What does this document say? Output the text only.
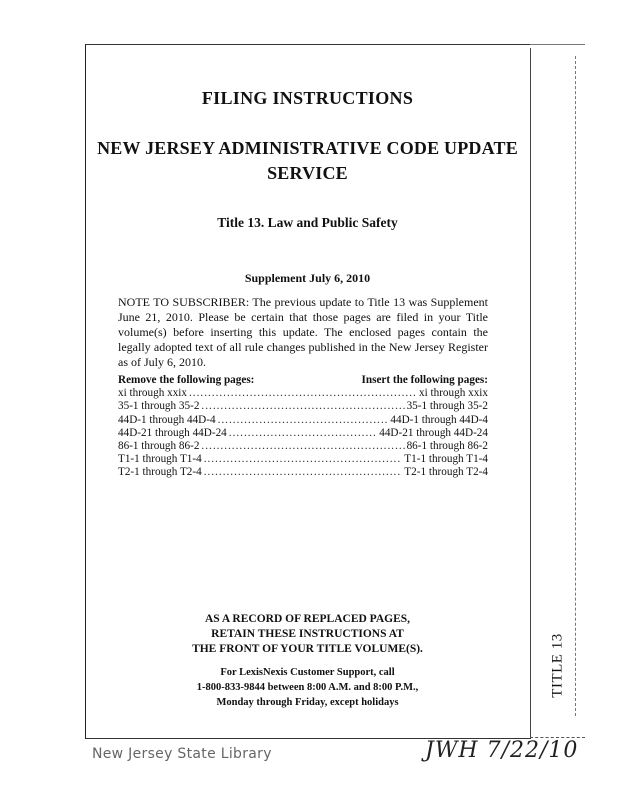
TITLE 13
FILING INSTRUCTIONS
NEW JERSEY ADMINISTRATIVE CODE UPDATE SERVICE
Title 13. Law and Public Safety
Supplement July 6, 2010

NOTE TO SUBSCRIBER: The previous update to Title 13 was Supplement June 21, 2010. Please be certain that those pages are filed in your Title volume(s) before inserting this update. The enclosed pages contain the legally adopted text of all rule changes published in the New Jersey Register as of July 6, 2010.

Remove the following pages:	Insert the following pages:
xi through xxix .....	xi through xxix
35-1 through 35-2 .....	35-1 through 35-2
44D-1 through 44D-4 .....	44D-1 through 44D-4
44D-21 through 44D-24 .....	44D-21 through 44D-24
86-1 through 86-2 .....	86-1 through 86-2
T1-1 through T1-4 .....	T1-1 through T1-4
T2-1 through T2-4 .....	T2-1 through T2-4
AS A RECORD OF REPLACED PAGES,
RETAIN THESE INSTRUCTIONS AT
THE FRONT OF YOUR TITLE VOLUME(S).
For LexisNexis Customer Support, call
1-800-833-9844 between 8:00 A.M. and 8:00 P.M.,
Monday through Friday, except holidays
New Jersey State Library	JWH 7/22/10
